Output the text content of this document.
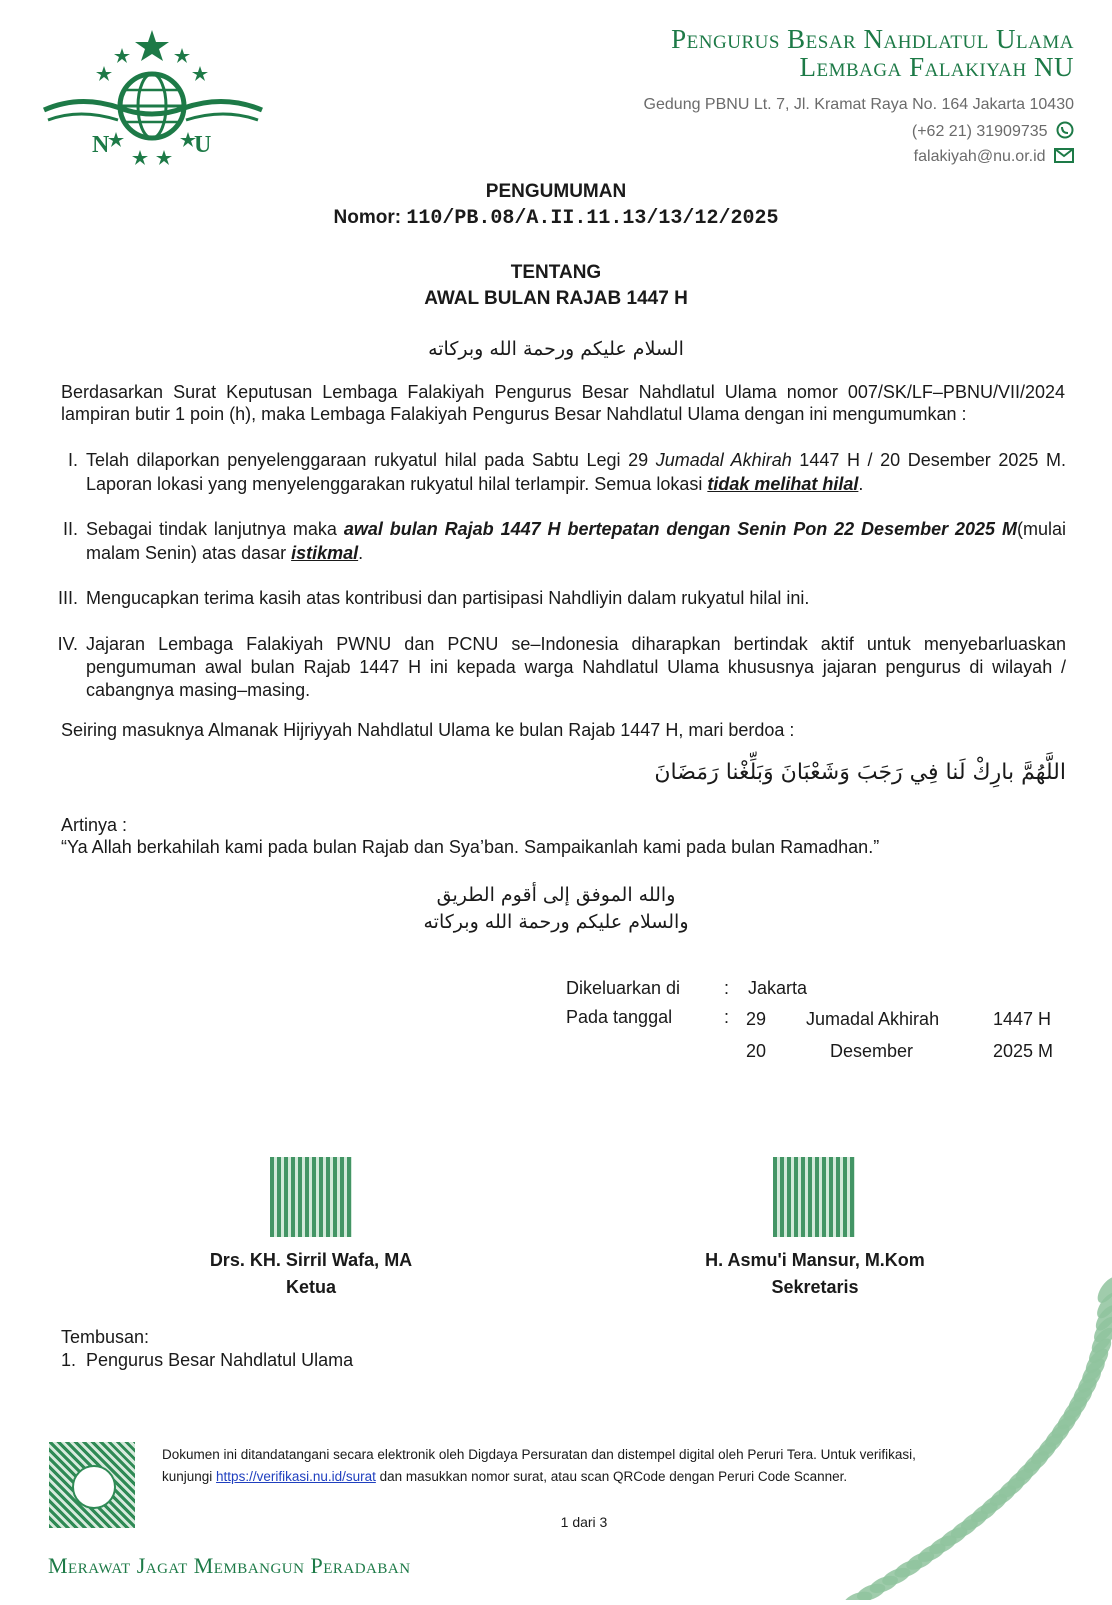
N	U
Pengurus Besar Nahdlatul Ulama
Lembaga Falakiyah NU
Gedung PBNU Lt. 7, Jl. Kramat Raya No. 164 Jakarta 10430
(+62 21) 31909735
falakiyah@nu.or.id
PENGUMUMAN
Nomor: 110/PB.08/A.II.11.13/13/12/2025
TENTANG
AWAL BULAN RAJAB 1447 H
السلام عليكم ورحمة الله وبركاته
Berdasarkan Surat Keputusan Lembaga Falakiyah Pengurus Besar Nahdlatul Ulama nomor 007/SK/LF–PBNU/VII/2024 lampiran butir 1 poin (h), maka Lembaga Falakiyah Pengurus Besar Nahdlatul Ulama dengan ini mengumumkan :
I. Telah dilaporkan penyelenggaraan rukyatul hilal pada Sabtu Legi 29 Jumadal Akhirah 1447 H / 20 Desember 2025 M. Laporan lokasi yang menyelenggarakan rukyatul hilal terlampir. Semua lokasi tidak melihat hilal.
II. Sebagai tindak lanjutnya maka awal bulan Rajab 1447 H bertepatan dengan Senin Pon 22 Desember 2025 M(mulai malam Senin) atas dasar istikmal.
III. Mengucapkan terima kasih atas kontribusi dan partisipasi Nahdliyin dalam rukyatul hilal ini.
IV. Jajaran Lembaga Falakiyah PWNU dan PCNU se–Indonesia diharapkan bertindak aktif untuk menyebarluaskan pengumuman awal bulan Rajab 1447 H ini kepada warga Nahdlatul Ulama khususnya jajaran pengurus di wilayah / cabangnya masing–masing.
Seiring masuknya Almanak Hijriyyah Nahdlatul Ulama ke bulan Rajab 1447 H, mari berdoa :
اللَّهُمَّ بارِكْ لَنا فِي رَجَبَ وَشَعْبَانَ وَبَلِّغْنا رَمَضَانَ
Artinya :
“Ya Allah berkahilah kami pada bulan Rajab dan Sya’ban. Sampaikanlah kami pada bulan Ramadhan.”
والله الموفق إلى أقوم الطريق
والسلام عليكم ورحمة الله وبركاته
Dikeluarkan di : Jakarta
Pada tanggal	: 29 Jumadal Akhirah	1447 H
20	Desember	2025 M
Drs. KH. Sirril Wafa, MA
Ketua
H. Asmu'i Mansur, M.Kom
Sekretaris
Tembusan:
1.  Pengurus Besar Nahdlatul Ulama
Dokumen ini ditandatangani secara elektronik oleh Digdaya Persuratan dan distempel digital oleh Peruri Tera. Untuk verifikasi,
kunjungi https://verifikasi.nu.id/surat dan masukkan nomor surat, atau scan QRCode dengan Peruri Code Scanner.
1 dari 3
Merawat Jagat Membangun Peradaban
